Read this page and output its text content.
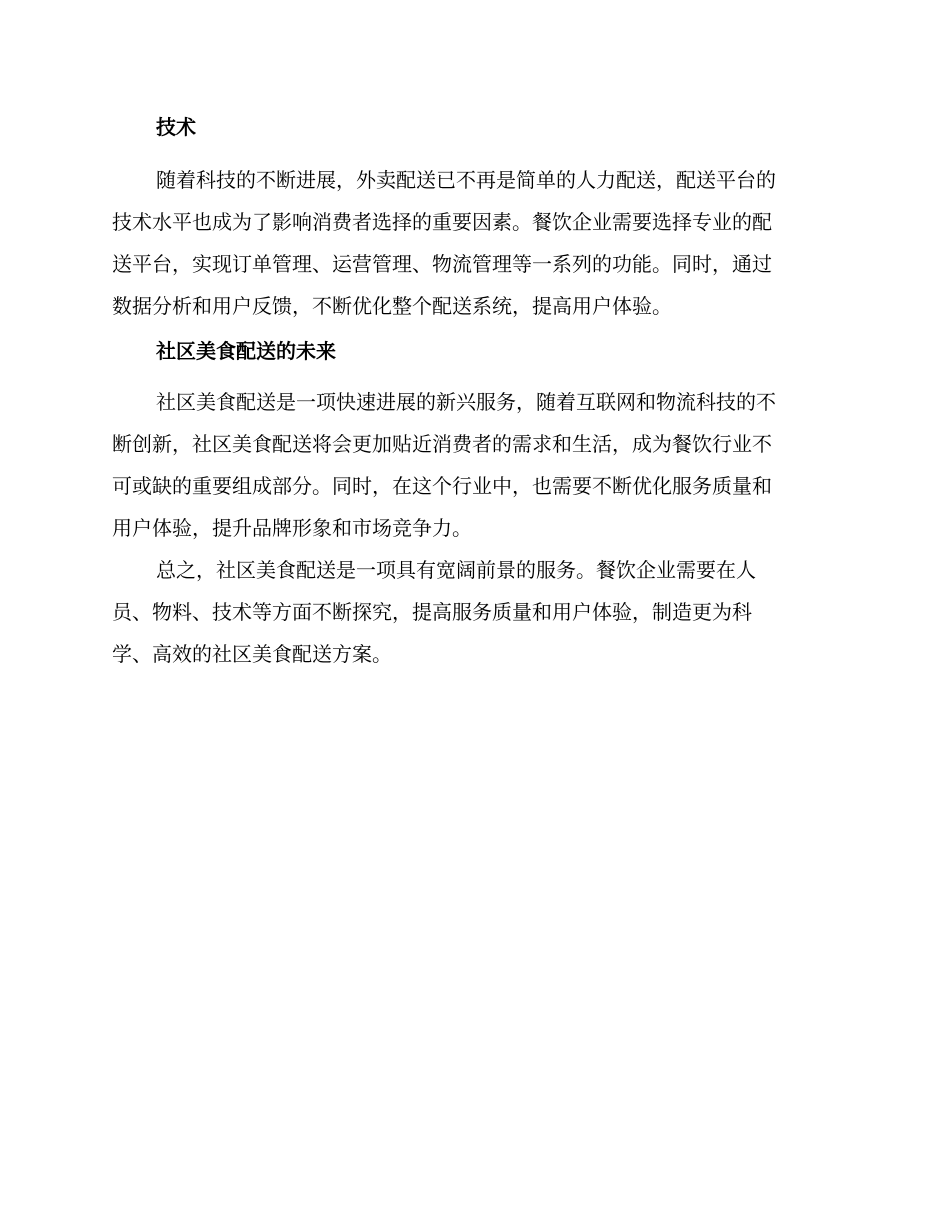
技术
随着科技的不断进展，外卖配送已不再是简单的人力配送，配送平台的
技术水平也成为了影响消费者选择的重要因素。餐饮企业需要选择专业的配
送平台，实现订单管理、运营管理、物流管理等一系列的功能。同时，通过
数据分析和用户反馈，不断优化整个配送系统，提高用户体验。
社区美食配送的未来
社区美食配送是一项快速进展的新兴服务，随着互联网和物流科技的不
断创新，社区美食配送将会更加贴近消费者的需求和生活，成为餐饮行业不
可或缺的重要组成部分。同时，在这个行业中，也需要不断优化服务质量和
用户体验，提升品牌形象和市场竞争力。
总之，社区美食配送是一项具有宽阔前景的服务。餐饮企业需要在人
员、物料、技术等方面不断探究，提高服务质量和用户体验，制造更为科
学、高效的社区美食配送方案。
